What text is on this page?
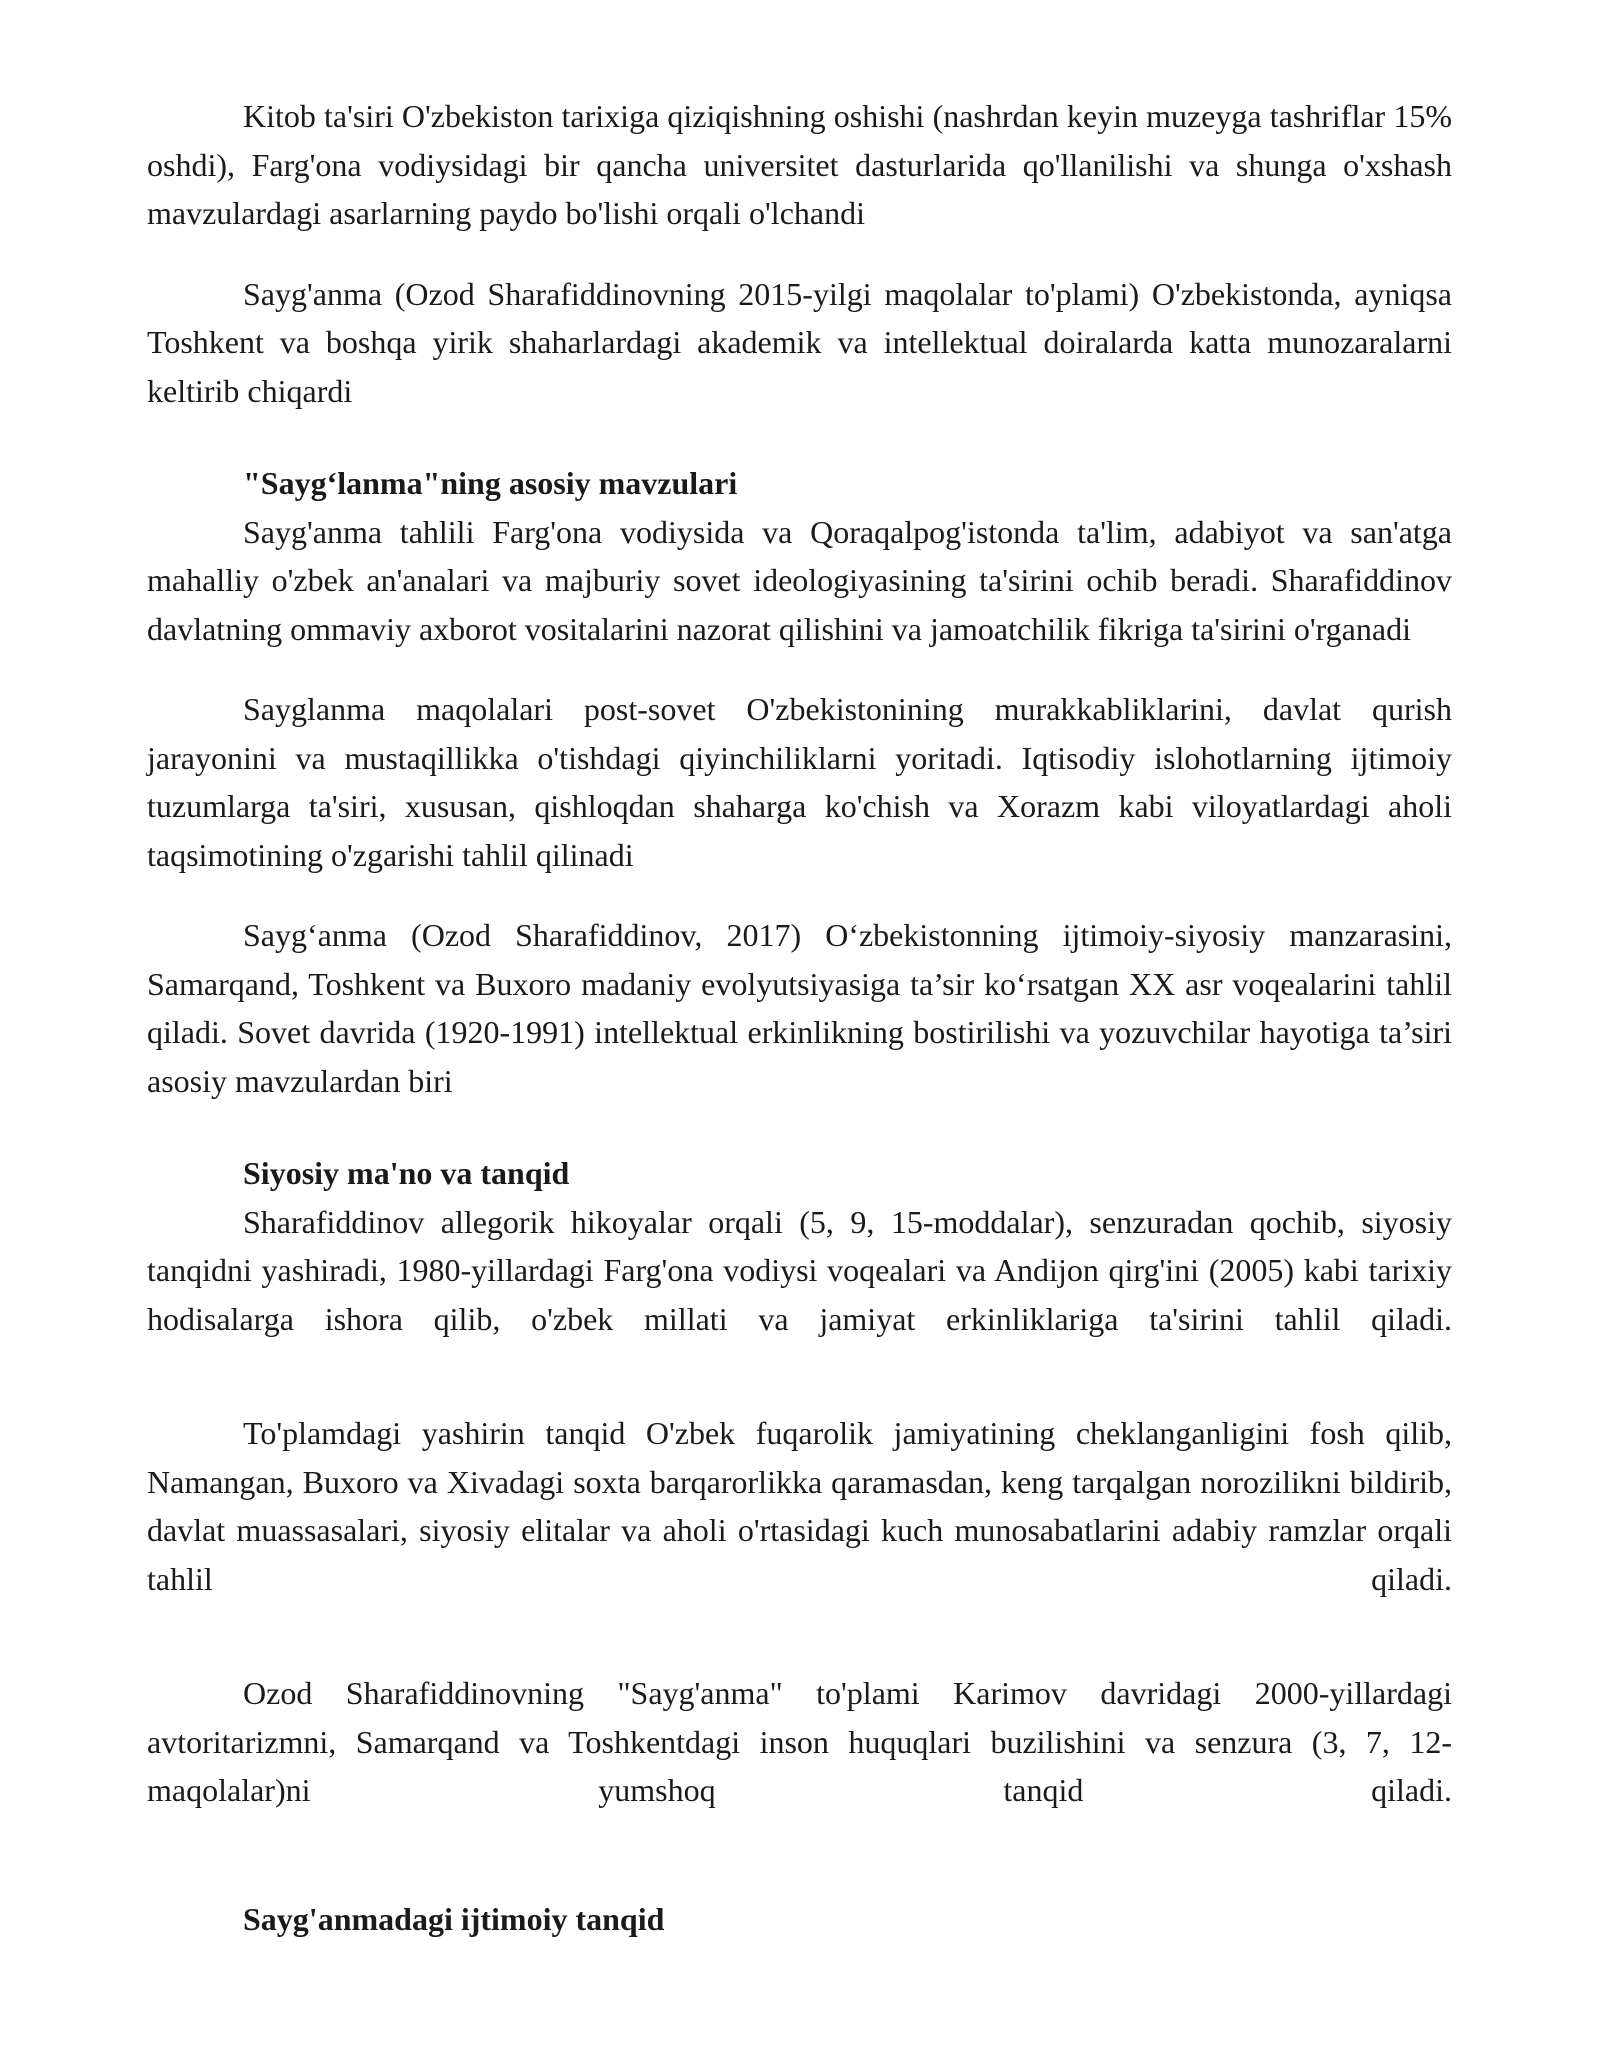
Kitob ta'siri O'zbekiston tarixiga qiziqishning oshishi (nashrdan keyin muzeyga tashriflar 15% oshdi), Farg'ona vodiysidagi bir qancha universitet dasturlarida qo'llanilishi va shunga o'xshash mavzulardagi asarlarning paydo bo'lishi orqali o'lchandi

Sayg'anma (Ozod Sharafiddinovning 2015-yilgi maqolalar to'plami) O'zbekistonda, ayniqsa Toshkent va boshqa yirik shaharlardagi akademik va intellektual doiralarda katta munozaralarni keltirib chiqardi

"Sayg‘lanma"ning asosiy mavzulari

Sayg'anma tahlili Farg'ona vodiysida va Qoraqalpog'istonda ta'lim, adabiyot va san'atga mahalliy o'zbek an'analari va majburiy sovet ideologiyasining ta'sirini ochib beradi. Sharafiddinov davlatning ommaviy axborot vositalarini nazorat qilishini va jamoatchilik fikriga ta'sirini o'rganadi

Sayglanma maqolalari post-sovet O'zbekistonining murakkabliklarini, davlat qurish jarayonini va mustaqillikka o'tishdagi qiyinchiliklarni yoritadi. Iqtisodiy islohotlarning ijtimoiy tuzumlarga ta'siri, xususan, qishloqdan shaharga ko'chish va Xorazm kabi viloyatlardagi aholi taqsimotining o'zgarishi tahlil qilinadi

Sayg‘anma (Ozod Sharafiddinov, 2017) O‘zbekistonning ijtimoiy-siyosiy manzarasini, Samarqand, Toshkent va Buxoro madaniy evolyutsiyasiga ta’sir ko‘rsatgan XX asr voqealarini tahlil qiladi. Sovet davrida (1920-1991) intellektual erkinlikning bostirilishi va yozuvchilar hayotiga ta’siri asosiy mavzulardan biri

Siyosiy ma'no va tanqid

Sharafiddinov allegorik hikoyalar orqali (5, 9, 15-moddalar), senzuradan qochib, siyosiy tanqidni yashiradi, 1980-yillardagi Farg'ona vodiysi voqealari va Andijon qirg'ini (2005) kabi tarixiy hodisalarga ishora qilib, o'zbek millati va jamiyat erkinliklariga ta'sirini tahlil qiladi.

To'plamdagi yashirin tanqid O'zbek fuqarolik jamiyatining cheklanganligini fosh qilib, Namangan, Buxoro va Xivadagi soxta barqarorlikka qaramasdan, keng tarqalgan norozilikni bildirib, davlat muassasalari, siyosiy elitalar va aholi o'rtasidagi kuch munosabatlarini adabiy ramzlar orqali tahlil qiladi.

Ozod Sharafiddinovning "Sayg'anma" to'plami Karimov davridagi 2000-yillardagi avtoritarizmni, Samarqand va Toshkentdagi inson huquqlari buzilishini va senzura (3, 7, 12-maqolalar)ni yumshoq tanqid qiladi.

Sayg'anmadagi ijtimoiy tanqid
